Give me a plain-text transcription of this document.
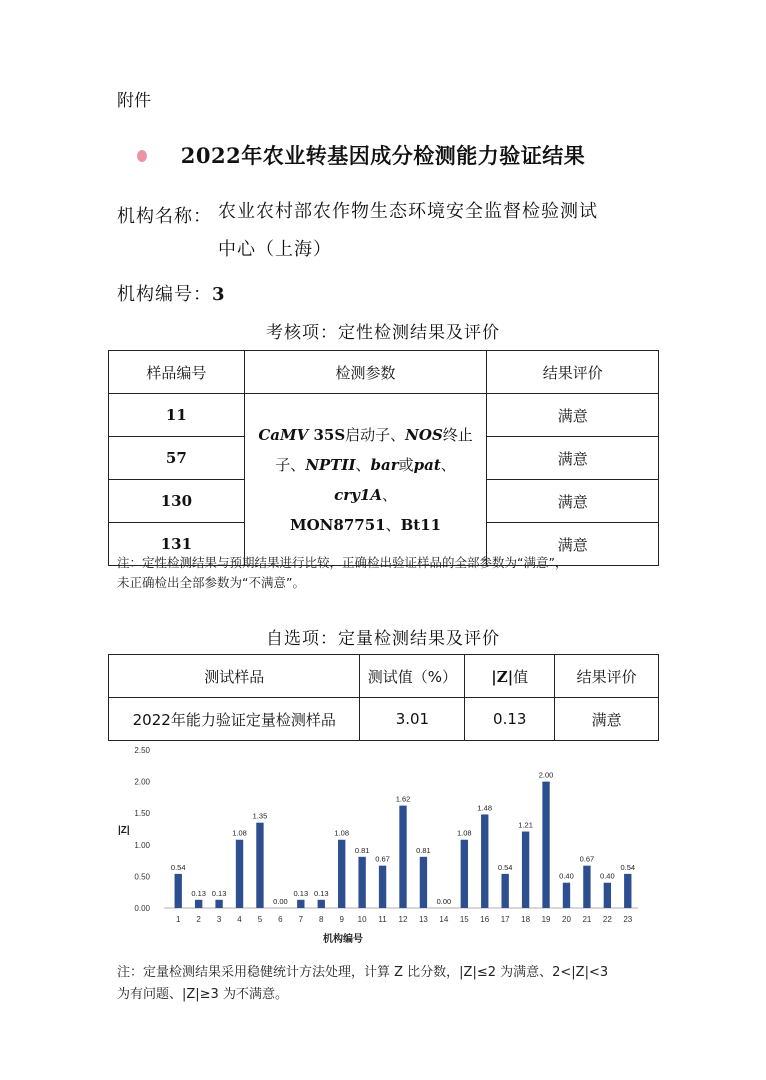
附件
2022年农业转基因成分检测能力验证结果
机构名称： 农业农村部农作物生态环境安全监督检验测试
中心（上海）
机构编号：3
考核项：定性检测结果及评价
样品编号	检测参数	结果评价
11	CaMV 35S启动子、NOS终止
子、NPTII、bar或pat、cry1A、
MON87751、Bt11	满意
57		满意
130		满意
131		满意
注：定性检测结果与预期结果进行比较，正确检出验证样品的全部参数为“满意”，
未正确检出全部参数为“不满意”。
自选项：定量检测结果及评价
测试样品	测试值（%）	|Z|值	结果评价
2022年能力验证定量检测样品	3.01	0.13	满意
0.00
0.50
1.00
1.50
2.00
2.50
|Z|
0.54
1
0.13
2
0.13
3
1.08
4
1.35
5
0.00
6
0.13
7
0.13
8
1.08
9
0.81
10
0.67
11
1.62
12
0.81
13
0.00
14
1.08
15
1.48
16
0.54
17
1.21
18
2.00
19
0.40
20
0.67
21
0.40
22
0.54
23
机构编号
注：定量检测结果采用稳健统计方法处理，计算 Z 比分数，|Z|≤2 为满意、2<|Z|<3
为有问题、|Z|≥3 为不满意。
